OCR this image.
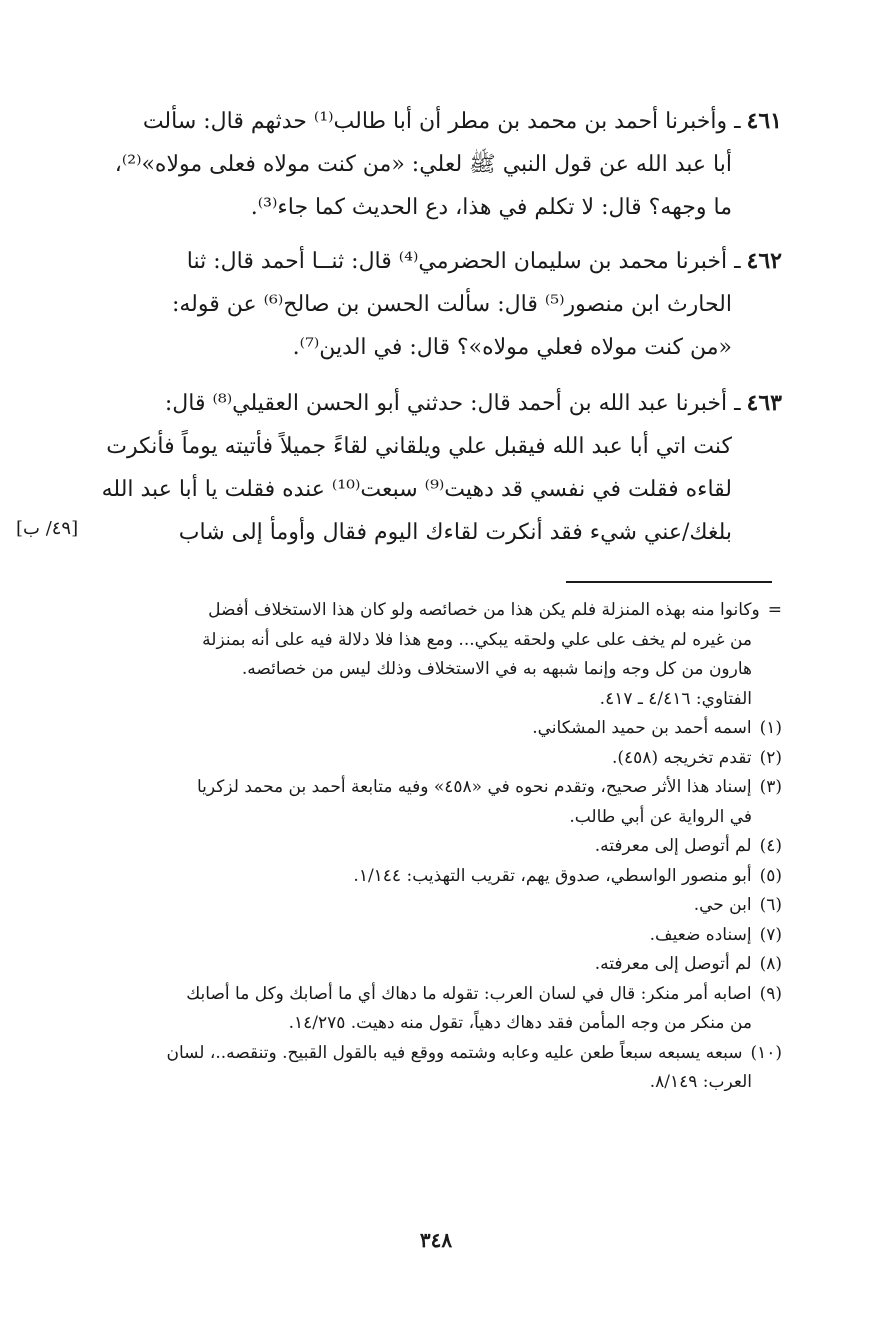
٤٦١ـ وأخبرنا أحمد بن محمد بن مطر أن أبا طالب⁽¹⁾ حدثهم قال: سألت
أبا عبد الله عن قول النبي ﷺ لعلي: «من كنت مولاه فعلى مولاه»⁽²⁾،
ما وجهه؟ قال: لا تكلم في هذا، دع الحديث كما جاء⁽³⁾.
٤٦٢ـ أخبرنا محمد بن سليمان الحضرمي⁽⁴⁾ قال: ثنــا أحمد قال: ثنا
الحارث ابن منصور⁽⁵⁾ قال: سألت الحسن بن صالح⁽⁶⁾ عن قوله:
«من كنت مولاه فعلي مولاه»؟ قال: في الدين⁽⁷⁾.
٤٦٣ـ أخبرنا عبد الله بن أحمد قال: حدثني أبو الحسن العقيلي⁽⁸⁾ قال:
كنت اتي أبا عبد الله فيقبل علي ويلقاني لقاءً جميلاً فأتيته يوماً فأنكرت
لقاءه فقلت في نفسي قد دهيت⁽⁹⁾ سبعت⁽¹⁰⁾ عنده فقلت يا أبا عبد الله
بلغك/عني شيء فقد أنكرت لقاءك اليوم فقال وأومأ إلى شاب
[٤٩/ ب]
=وكانوا منه بهذه المنزلة فلم يكن هذا من خصائصه ولو كان هذا الاستخلاف أفضل
من غيره لم يخف على علي ولحقه يبكي... ومع هذا فلا دلالة فيه على أنه بمنزلة
هارون من كل وجه وإنما شبهه به في الاستخلاف وذلك ليس من خصائصه.
الفتاوي: ٤/٤١٦ ـ ٤١٧.
(١)اسمه أحمد بن حميد المشكاني.
(٢)تقدم تخريجه (٤٥٨).
(٣)إسناد هذا الأثر صحيح، وتقدم نحوه في «٤٥٨» وفيه متابعة أحمد بن محمد لزكريا
في الرواية عن أبي طالب.
(٤)لم أتوصل إلى معرفته.
(٥)أبو منصور الواسطي، صدوق يهم، تقريب التهذيب: ١/١٤٤.
(٦)ابن حي.
(٧)إسناده ضعيف.
(٨)لم أتوصل إلى معرفته.
(٩)اصابه أمر منكر: قال في لسان العرب: تقوله ما دهاك أي ما أصابك وكل ما أصابك
من منكر من وجه المأمن فقد دهاك دهياً، تقول منه دهيت. ١٤/٢٧٥.
(١٠)سبعه يسبعه سبعاً طعن عليه وعابه وشتمه ووقع فيه بالقول القبيح. وتنقصه..، لسان
العرب: ٨/١٤٩.
٣٤٨
